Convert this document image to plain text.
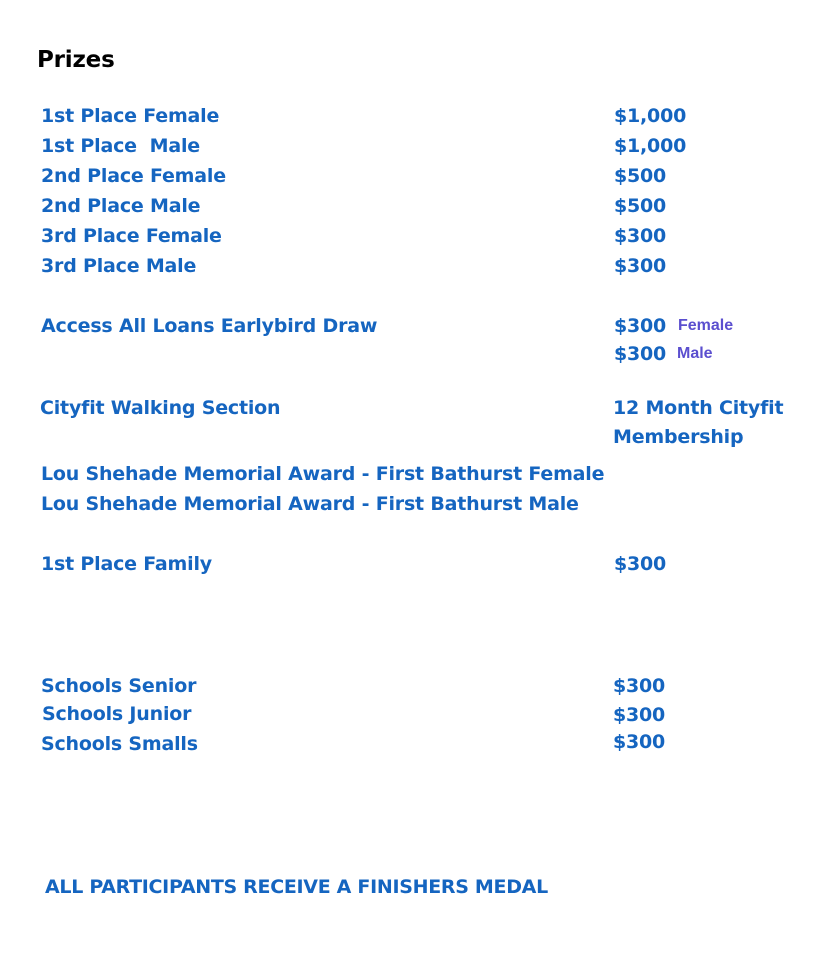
Prizes
1st Place Female	$1,000
1st Place  Male	$1,000
2nd Place Female	$500
2nd Place Male	$500
3rd Place Female	$300
3rd Place Male	$300
Access All Loans Earlybird Draw	$300 Female
$300 Male
Cityfit Walking Section	12 Month Cityfit
Membership
Lou Shehade Memorial Award - First Bathurst Female
Lou Shehade Memorial Award - First Bathurst Male
1st Place Family	$300
Schools Senior	$300
Schools Junior	$300
Schools Smalls	$300
ALL PARTICIPANTS RECEIVE A FINISHERS MEDAL
